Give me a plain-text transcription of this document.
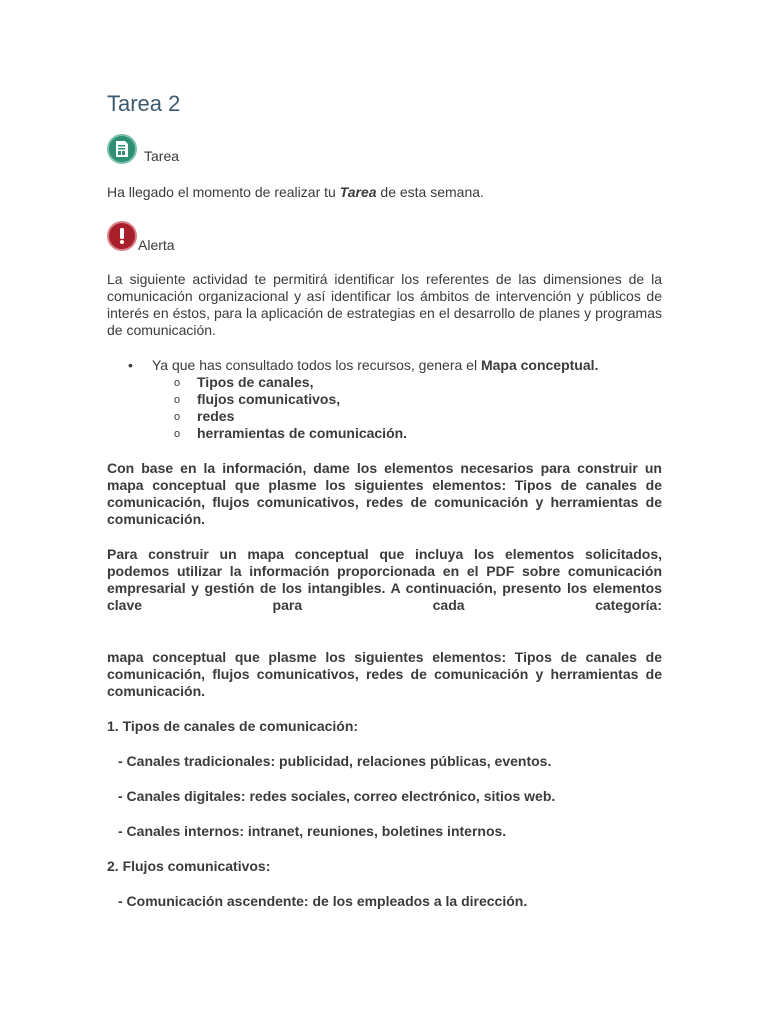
Tarea 2
Tarea

Ha llegado el momento de realizar tu Tarea de esta semana.

Alerta

La siguiente actividad te permitirá identificar los referentes de las dimensiones de la comunicación organizacional y así identificar los ámbitos de intervención y públicos de interés en éstos, para la aplicación de estrategias en el desarrollo de planes y programas de comunicación.

• Ya que has consultado todos los recursos, genera el Mapa conceptual.
o Tipos de canales,
o flujos comunicativos,
o redes
o herramientas de comunicación.

Con base en la información, dame los elementos necesarios para construir un mapa conceptual que plasme los siguientes elementos: Tipos de canales de comunicación, flujos comunicativos, redes de comunicación y herramientas de comunicación.

Para construir un mapa conceptual que incluya los elementos solicitados, podemos utilizar la información proporcionada en el PDF sobre comunicación empresarial y gestión de los intangibles. A continuación, presento los elementos clave para cada categoría:

mapa conceptual que plasme los siguientes elementos: Tipos de canales de comunicación, flujos comunicativos, redes de comunicación y herramientas de comunicación.

1. Tipos de canales de comunicación:

- Canales tradicionales: publicidad, relaciones públicas, eventos.

- Canales digitales: redes sociales, correo electrónico, sitios web.

- Canales internos: intranet, reuniones, boletines internos.

2. Flujos comunicativos:

- Comunicación ascendente: de los empleados a la dirección.
